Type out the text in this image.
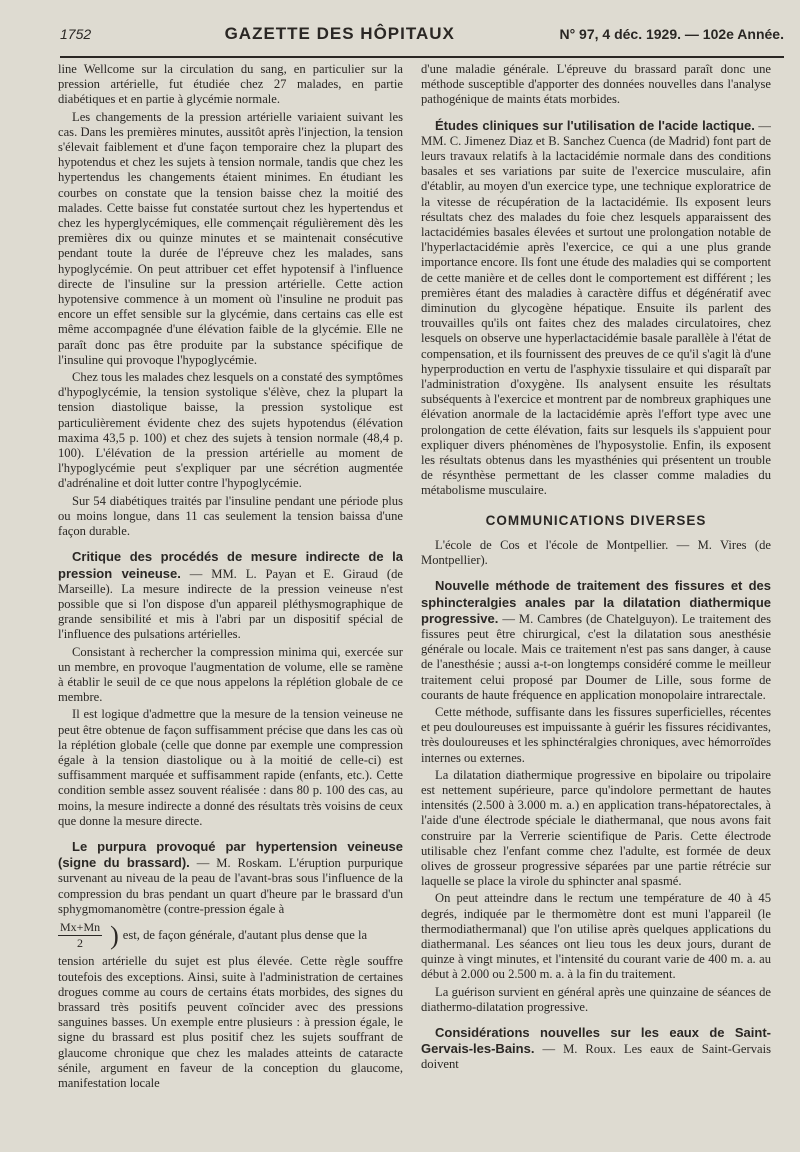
1752	GAZETTE DES HÔPITAUX	N° 97, 4 déc. 1929. — 102e Année.

line Wellcome sur la circulation du sang, en particulier sur la pression artérielle, fut étudiée chez 27 malades, en partie diabétiques et en partie à glycémie normale.

Les changements de la pression artérielle variaient suivant les cas. Dans les premières minutes, aussitôt après l'injection, la tension s'élevait faiblement et d'une façon temporaire chez la plupart des hypotendus et chez les sujets à tension normale, tandis que chez les hypertendus les changements étaient minimes. En étudiant les courbes on constate que la tension baisse chez la moitié des malades. Cette baisse fut constatée surtout chez les hypertendus et chez les hyperglycémiques, elle commençait régulièrement dès les premières dix ou quinze minutes et se maintenait consécutive pendant toute la durée de l'épreuve chez les malades, sans hypoglycémie. On peut attribuer cet effet hypotensif à l'influence directe de l'insuline sur la pression artérielle. Cette action hypotensive commence à un moment où l'insuline ne produit pas encore un effet sensible sur la glycémie, dans certains cas elle est même accompagnée d'une élévation faible de la glycémie. Elle ne paraît donc pas être produite par la substance spécifique de l'insuline qui provoque l'hypoglycémie.

Chez tous les malades chez lesquels on a constaté des symptômes d'hypoglycémie, la tension systolique s'élève, chez la plupart la tension diastolique baisse, la pression systolique est particulièrement évidente chez des sujets hypotendus (élévation maxima 43,5 p. 100) et chez des sujets à tension normale (48,4 p. 100). L'élévation de la pression artérielle au moment de l'hypoglycémie peut s'expliquer par une sécrétion augmentée d'adrénaline et doit lutter contre l'hypoglycémie.

Sur 54 diabétiques traités par l'insuline pendant une période plus ou moins longue, dans 11 cas seulement la tension baissa d'une façon durable.

Critique des procédés de mesure indirecte de la pression veineuse. — MM. L. Payan et E. Giraud (de Marseille). La mesure indirecte de la pression veineuse n'est possible que si l'on dispose d'un appareil pléthysmographique de grande sensibilité et mis à l'abri par un dispositif spécial de l'influence des pulsations artérielles.

Consistant à rechercher la compression minima qui, exercée sur un membre, en provoque l'augmentation de volume, elle se ramène à établir le seuil de ce que nous appelons la réplétion globale de ce membre.

Il est logique d'admettre que la mesure de la tension veineuse ne peut être obtenue de façon suffisamment précise que dans les cas où la réplétion globale (celle que donne par exemple une compression égale à la tension diastolique ou à la moitié de celle-ci) est suffisamment marquée et suffisamment rapide (enfants, etc.). Cette condition semble assez souvent réalisée : dans 80 p. 100 des cas, au moins, la mesure indirecte a donné des résultats très voisins de ceux que donne la mesure directe.

Le purpura provoqué par hypertension veineuse (signe du brassard). — M. Roskam. L'éruption purpurique survenant au niveau de la peau de l'avant-bras sous l'influence de la compression du bras pendant un quart d'heure par le brassard d'un sphygmomanomètre (contre-pression égale à

$\frac{Mx+Mn}{2}$ ) est, de façon générale, d'autant plus dense que la

tension artérielle du sujet est plus élevée. Cette règle souffre toutefois des exceptions. Ainsi, suite à l'administration de certaines drogues comme au cours de certains états morbides, des signes du brassard très positifs peuvent coïncider avec des pressions sanguines basses. Un exemple entre plusieurs : à pression égale, le signe du brassard est plus positif chez les sujets souffrant de glaucome chronique que chez les malades atteints de cataracte sénile, argument en faveur de la conception du glaucome, manifestation locale

d'une maladie générale. L'épreuve du brassard paraît donc une méthode susceptible d'apporter des données nouvelles dans l'analyse pathogénique de maints états morbides.

Études cliniques sur l'utilisation de l'acide lactique. — MM. C. Jimenez Diaz et B. Sanchez Cuenca (de Madrid) font part de leurs travaux relatifs à la lactacidémie normale dans des conditions basales et ses variations par suite de l'exercice musculaire, afin d'établir, au moyen d'un exercice type, une technique exploratrice de la vitesse de récupération de la lactacidémie. Ils exposent leurs résultats chez des malades du foie chez lesquels apparaissent des lactacidémies basales élevées et surtout une prolongation notable de l'hyperlactacidémie après l'exercice, ce qui a une plus grande importance encore. Ils font une étude des maladies qui se comportent de cette manière et de celles dont le comportement est différent ; les premières étant des maladies à caractère diffus et dégénératif avec diminution du glycogène hépatique. Ensuite ils parlent des trouvailles qu'ils ont faites chez des malades circulatoires, chez lesquels on observe une hyperlactacidémie basale parallèle à l'état de compensation, et ils fournissent des preuves de ce qu'il s'agit là d'une hyperproduction en vertu de l'asphyxie tissulaire et qui disparaît par l'administration d'oxygène. Ils analysent ensuite les résultats subséquents à l'exercice et montrent par de nombreux graphiques une élévation anormale de la lactacidémie après l'effort type avec une prolongation de cette élévation, faits sur lesquels ils s'appuient pour expliquer divers phénomènes de l'hyposystolie. Enfin, ils exposent les résultats obtenus dans les myasthénies qui présentent un trouble de résynthèse permettant de les classer comme maladies du métabolisme musculaire.

COMMUNICATIONS DIVERSES

L'école de Cos et l'école de Montpellier. — M. Vires (de Montpellier).

Nouvelle méthode de traitement des fissures et des sphincteralgies anales par la dilatation diathermique progressive. — M. Cambres (de Chatelguyon). Le traitement des fissures peut être chirurgical, c'est la dilatation sous anesthésie générale ou locale. Mais ce traitement n'est pas sans danger, à cause de l'anesthésie ; aussi a-t-on longtemps considéré comme le meilleur traitement celui proposé par Doumer de Lille, sous forme de courants de haute fréquence en application monopolaire intrarectale.

Cette méthode, suffisante dans les fissures superficielles, récentes et peu douloureuses est impuissante à guérir les fissures récidivantes, très douloureuses et les sphinctéralgies chroniques, avec hémorroïdes internes ou externes.

La dilatation diathermique progressive en bipolaire ou tripolaire est nettement supérieure, parce qu'indolore permettant de hautes intensités (2.500 à 3.000 m. a.) en application trans-hépatorectales, à l'aide d'une électrode spéciale le diathermanal, que nous avons fait construire par la Verrerie scientifique de Paris. Cette électrode utilisable chez l'enfant comme chez l'adulte, est formée de deux olives de grosseur progressive séparées par une partie rétrécie sur laquelle se place la virole du sphincter anal spasmé.

On peut atteindre dans le rectum une température de 40 à 45 degrés, indiquée par le thermomètre dont est muni l'appareil (le thermodiathermanal) que l'on utilise après quelques applications du diathermanal. Les séances ont lieu tous les deux jours, durant de quinze à vingt minutes, et l'intensité du courant varie de 400 m. a. au début à 2.000 ou 2.500 m. a. à la fin du traitement.

La guérison survient en général après une quinzaine de séances de diathermo-dilatation progressive.

Considérations nouvelles sur les eaux de Saint-Gervais-les-Bains. — M. Roux. Les eaux de Saint-Gervais doivent
